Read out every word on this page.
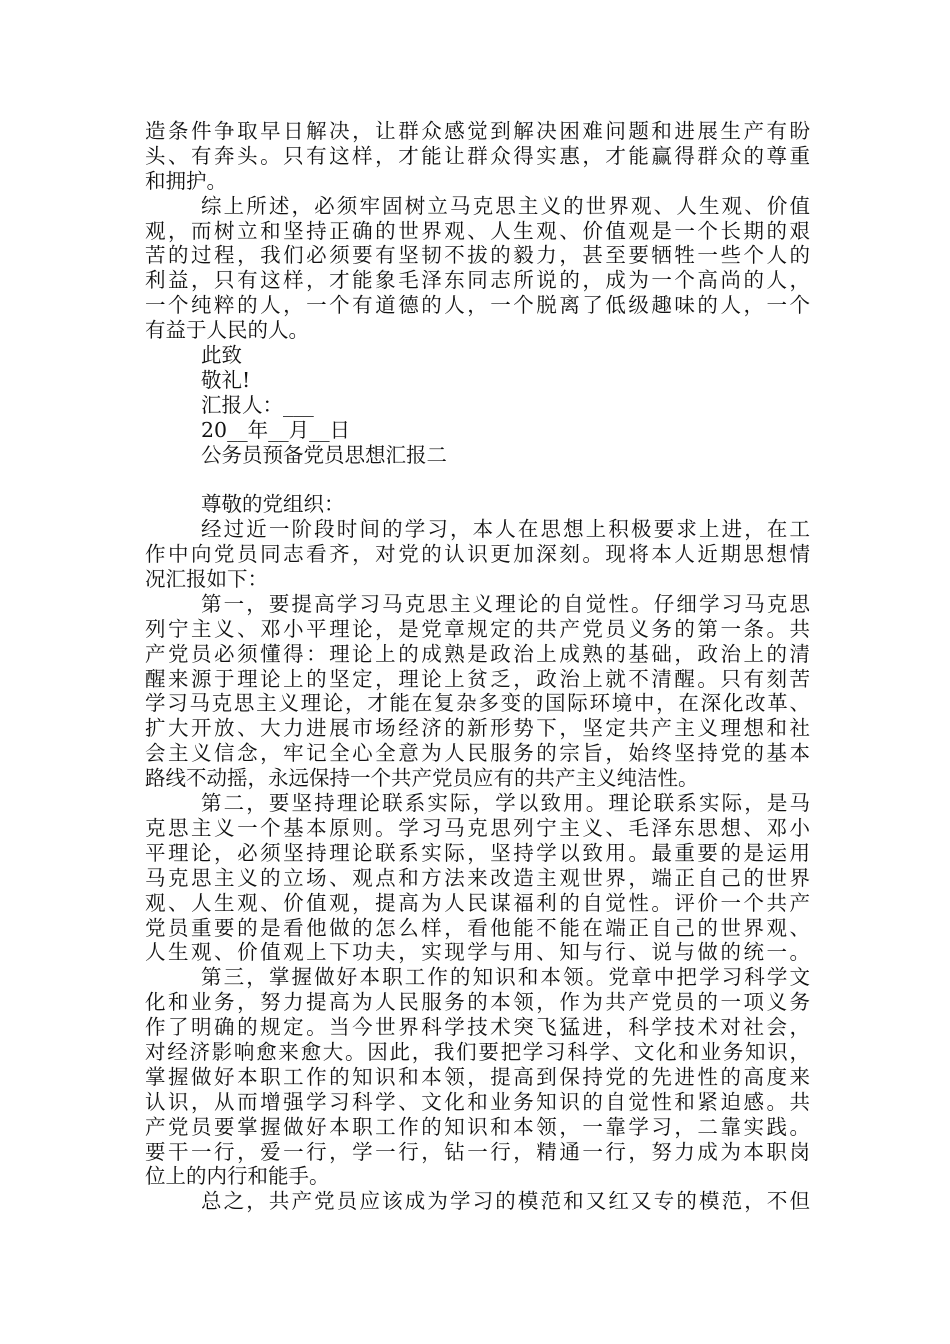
造条件争取早日解决，让群众感觉到解决困难问题和进展生产有盼
头、有奔头。只有这样，才能让群众得实惠，才能赢得群众的尊重
和拥护。
综上所述，必须牢固树立马克思主义的世界观、人生观、价值
观，而树立和坚持正确的世界观、人生观、价值观是一个长期的艰
苦的过程，我们必须要有坚韧不拔的毅力，甚至要牺牲一些个人的
利益，只有这样，才能象毛泽东同志所说的，成为一个高尚的人，
一个纯粹的人，一个有道德的人，一个脱离了低级趣味的人，一个
有益于人民的人。
此致
敬礼!
汇报人：___
20__年__月__日
公务员预备党员思想汇报二
尊敬的党组织：
经过近一阶段时间的学习，本人在思想上积极要求上进，在工
作中向党员同志看齐，对党的认识更加深刻。现将本人近期思想情
况汇报如下：
第一，要提高学习马克思主义理论的自觉性。仔细学习马克思
列宁主义、邓小平理论，是党章规定的共产党员义务的第一条。共
产党员必须懂得：理论上的成熟是政治上成熟的基础，政治上的清
醒来源于理论上的坚定，理论上贫乏，政治上就不清醒。只有刻苦
学习马克思主义理论，才能在复杂多变的国际环境中，在深化改革、
扩大开放、大力进展市场经济的新形势下，坚定共产主义理想和社
会主义信念，牢记全心全意为人民服务的宗旨，始终坚持党的基本
路线不动摇，永远保持一个共产党员应有的共产主义纯洁性。
第二，要坚持理论联系实际，学以致用。理论联系实际，是马
克思主义一个基本原则。学习马克思列宁主义、毛泽东思想、邓小
平理论，必须坚持理论联系实际，坚持学以致用。最重要的是运用
马克思主义的立场、观点和方法来改造主观世界，端正自己的世界
观、人生观、价值观，提高为人民谋福利的自觉性。评价一个共产
党员重要的是看他做的怎么样，看他能不能在端正自己的世界观、
人生观、价值观上下功夫，实现学与用、知与行、说与做的统一。
第三，掌握做好本职工作的知识和本领。党章中把学习科学文
化和业务，努力提高为人民服务的本领，作为共产党员的一项义务
作了明确的规定。当今世界科学技术突飞猛进，科学技术对社会，
对经济影响愈来愈大。因此，我们要把学习科学、文化和业务知识，
掌握做好本职工作的知识和本领，提高到保持党的先进性的高度来
认识，从而增强学习科学、文化和业务知识的自觉性和紧迫感。共
产党员要掌握做好本职工作的知识和本领，一靠学习，二靠实践。
要干一行，爱一行，学一行，钻一行，精通一行，努力成为本职岗
位上的内行和能手。
总之，共产党员应该成为学习的模范和又红又专的模范，不但
